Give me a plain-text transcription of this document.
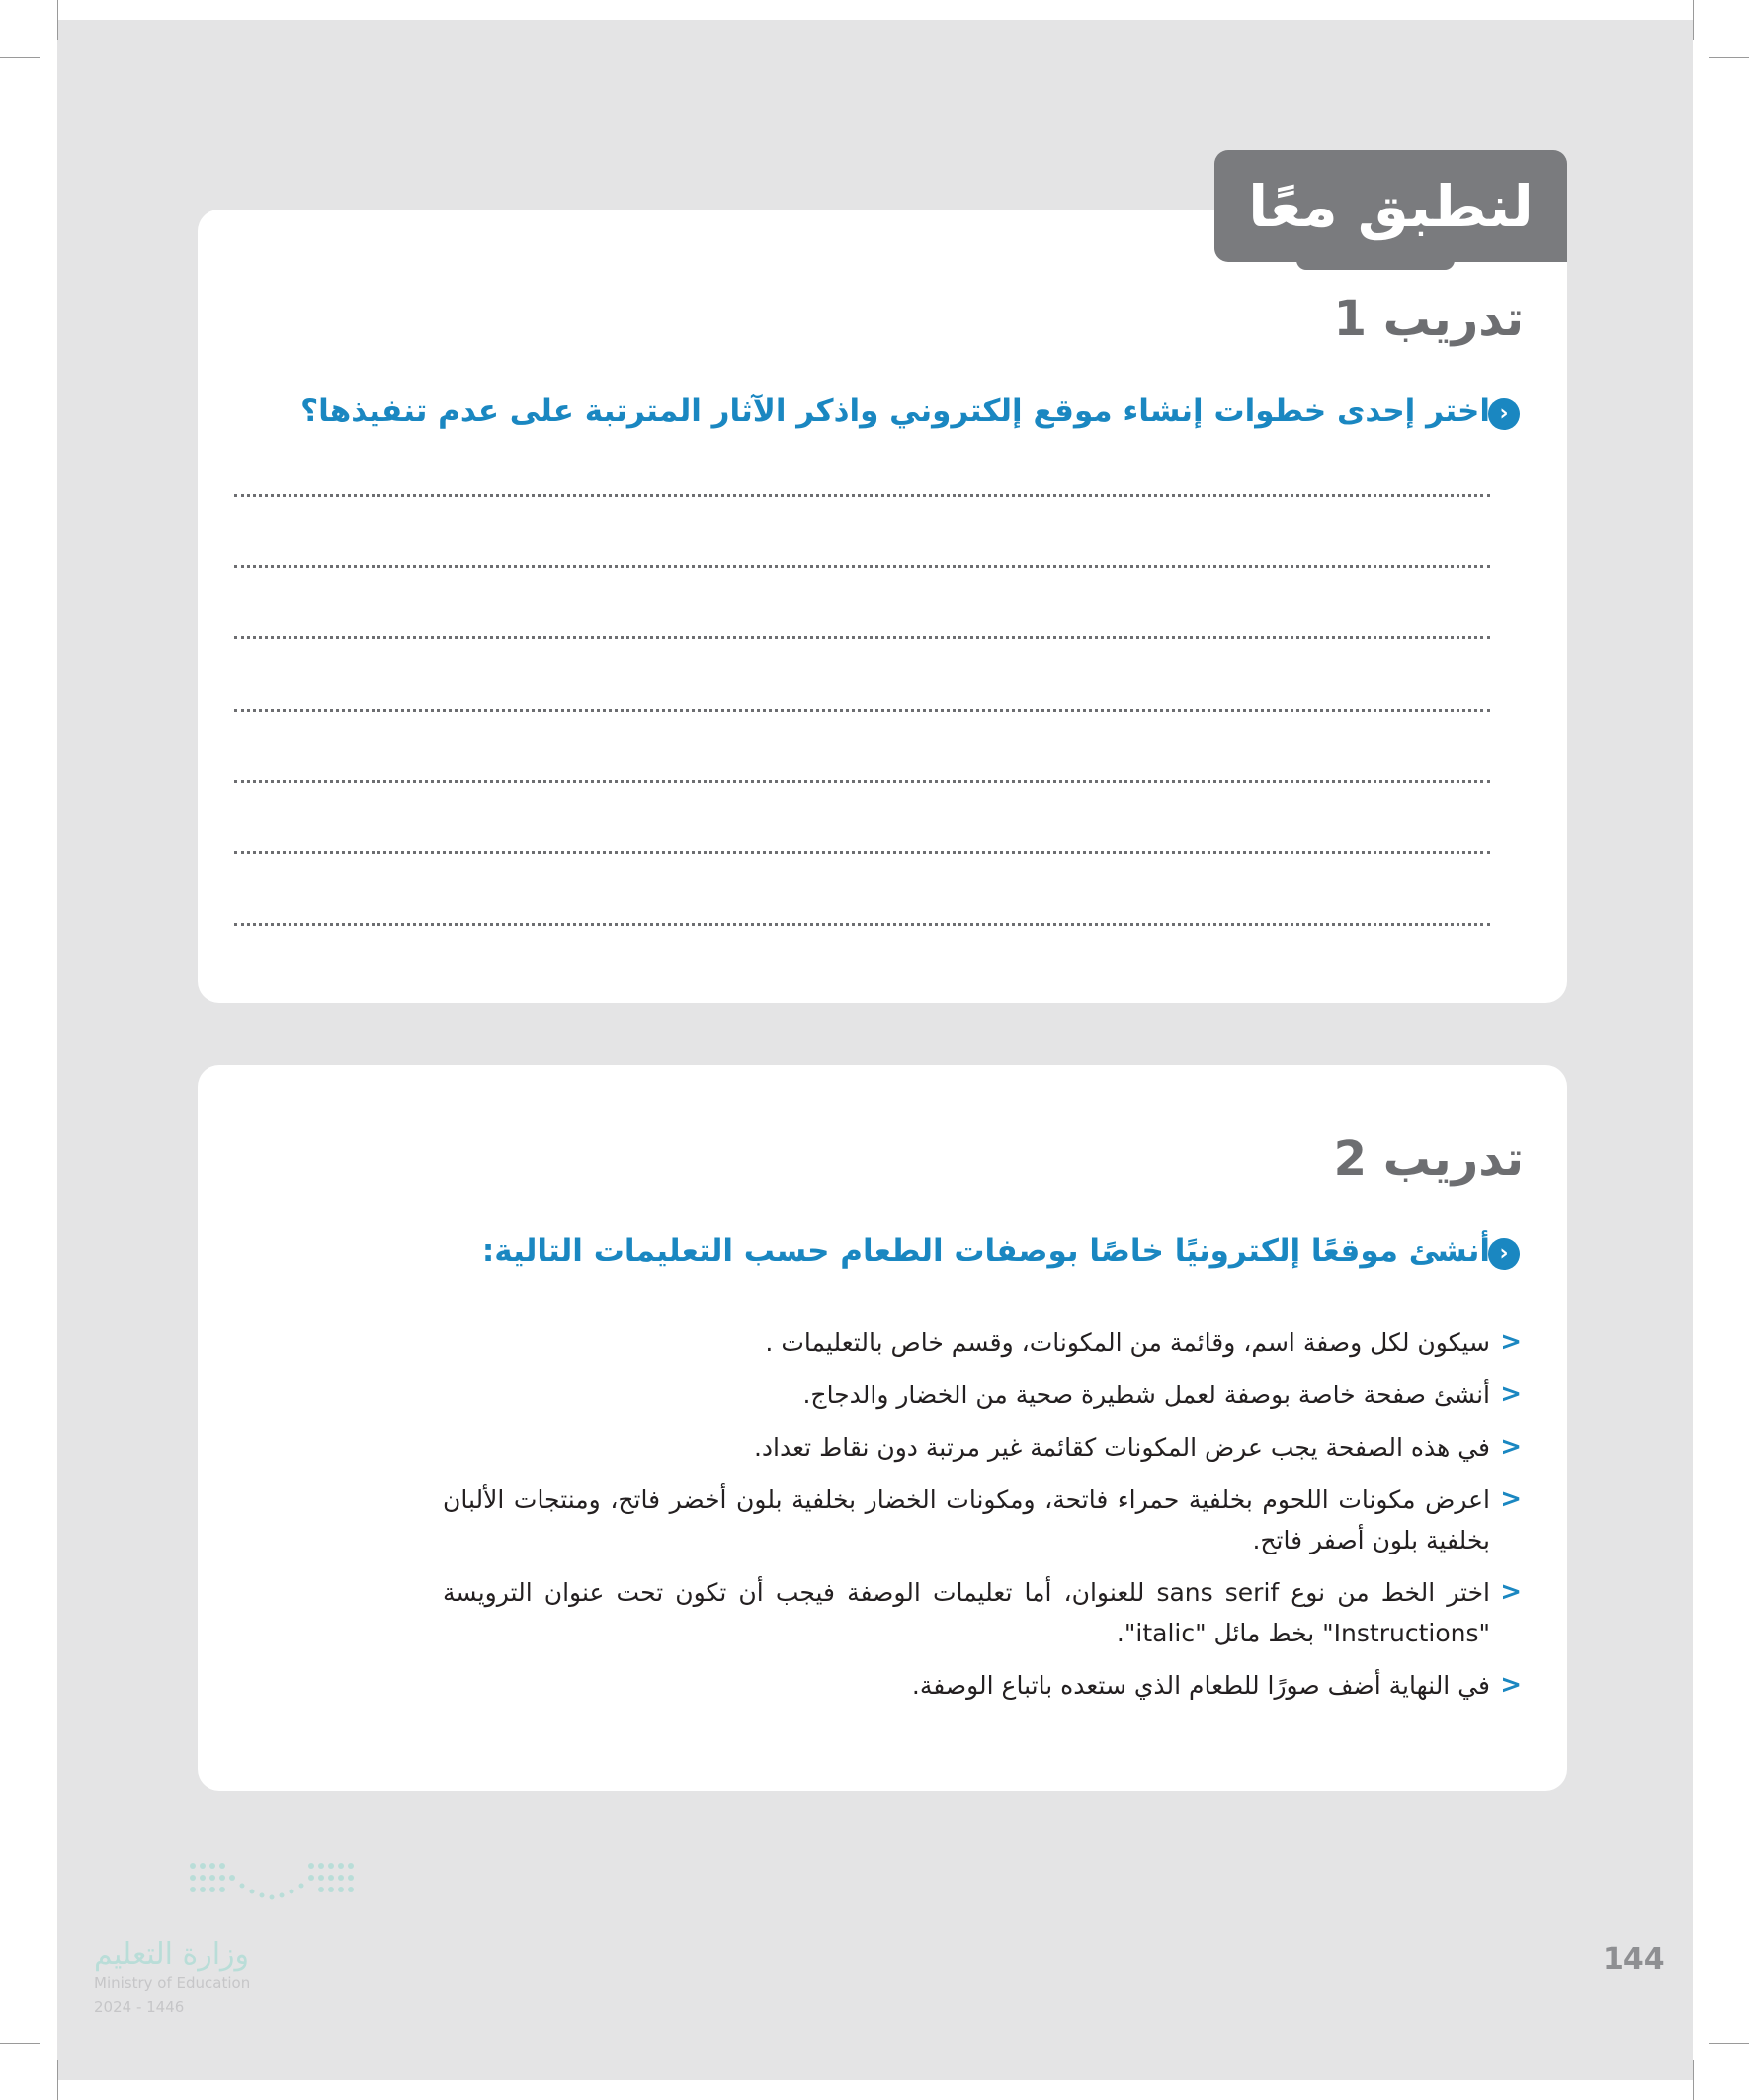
لنطبق معًا
تدريب 1
‹
اختر إحدى خطوات إنشاء موقع إلكتروني واذكر الآثار المترتبة على عدم تنفيذها؟
تدريب 2
‹
أنشئ موقعًا إلكترونيًا خاصًا بوصفات الطعام حسب التعليمات التالية:
<
سيكون لكل وصفة اسم، وقائمة من المكونات، وقسم خاص بالتعليمات .
<
أنشئ صفحة خاصة بوصفة لعمل شطيرة صحية من الخضار والدجاج.
<
في هذه الصفحة يجب عرض المكونات كقائمة غير مرتبة دون نقاط تعداد.
<
اعرض مكونات اللحوم بخلفية حمراء فاتحة، ومكونات الخضار بخلفية بلون أخضر فاتح، ومنتجات الألبان بخلفية بلون أصفر فاتح.
<
اختر الخط من نوع sans serif للعنوان، أما تعليمات الوصفة فيجب أن تكون تحت عنوان الترويسة "Instructions" بخط مائل "italic".
<
في النهاية أضف صورًا للطعام الذي ستعده باتباع الوصفة.
144
وزارة التعليم
Ministry of Education
2024 - 1446
